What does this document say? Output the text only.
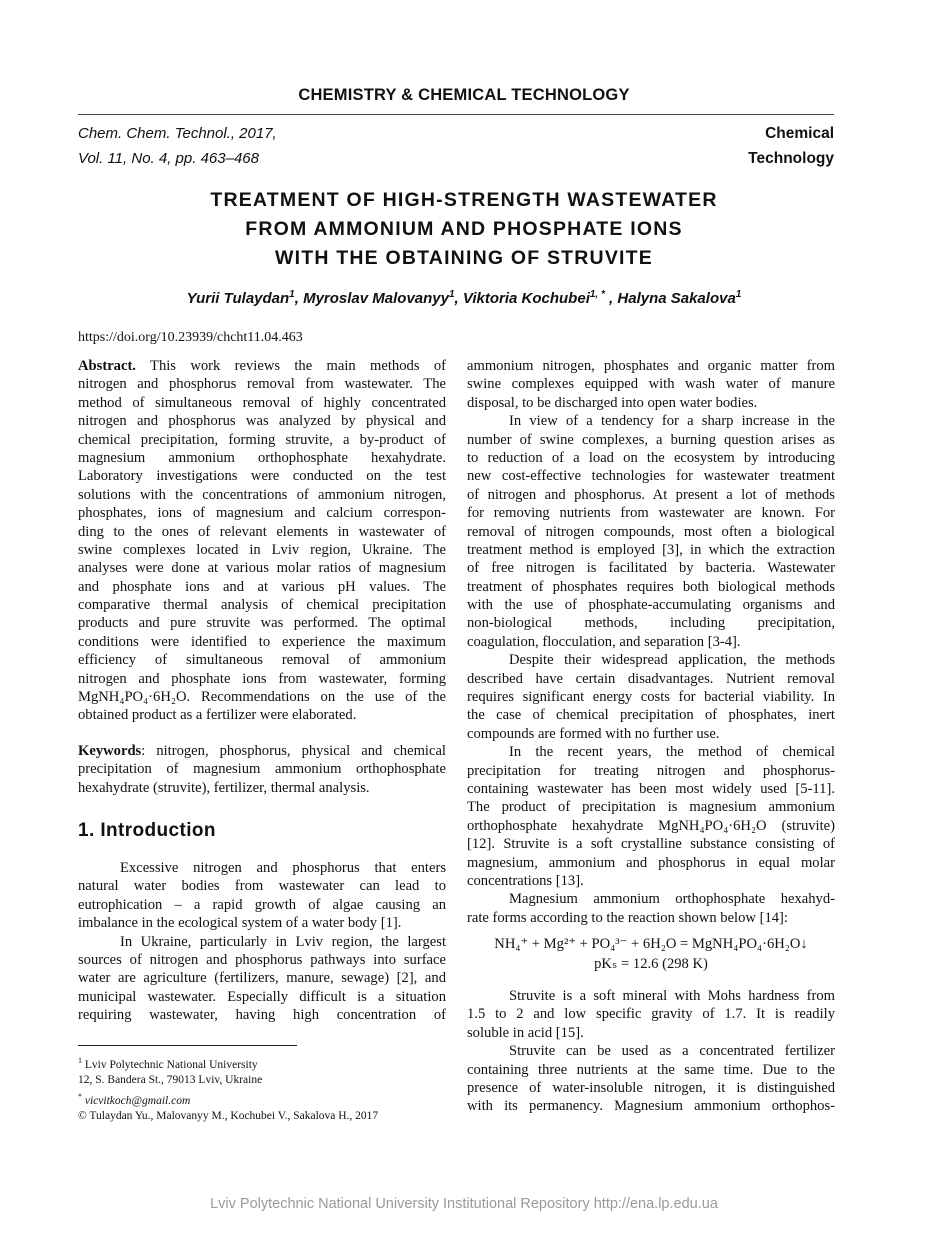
CHEMISTRY & CHEMICAL TECHNOLOGY
Chem. Chem. Technol., 2017,
Vol. 11, No. 4, pp. 463–468
Chemical
Technology
TREATMENT OF HIGH-STRENGTH WASTEWATER
FROM AMMONIUM AND PHOSPHATE IONS
WITH THE OBTAINING OF STRUVITE
Yurii Tulaydan$^1$, Myroslav Malovanyy$^1$, Viktoria Kochubei$^{1, *}$ , Halyna Sakalova$^1$
https://doi.org/10.23939/chcht11.04.463
Abstract. This work reviews the main methods of
nitrogen and phosphorus removal from wastewater. The
method of simultaneous removal of highly concentrated
nitrogen and phosphorus was analyzed by physical and
chemical precipitation, forming struvite, a by-product of
magnesium ammonium orthophosphate hexahydrate.
Laboratory investigations were conducted on the test
solutions with the concentrations of ammonium nitrogen,
phosphates, ions of magnesium and calcium correspon-
ding to the ones of relevant elements in wastewater of
swine complexes located in Lviv region, Ukraine. The
analyses were done at various molar ratios of magnesium
and phosphate ions and at various pH values. The
comparative thermal analysis of chemical precipitation
products and pure struvite was performed. The optimal
conditions were identified to experience the maximum
efficiency of simultaneous removal of ammonium
nitrogen and phosphate ions from wastewater, forming
MgNH₄PO₄·6H₂O. Recommendations on the use of the
obtained product as a fertilizer were elaborated.
Keywords: nitrogen, phosphorus, physical and chemical
precipitation of magnesium ammonium orthophosphate
hexahydrate (struvite), fertilizer, thermal analysis.
1. Introduction
Excessive nitrogen and phosphorus that enters
natural water bodies from wastewater can lead to
eutrophication – a rapid growth of algae causing an
imbalance in the ecological system of a water body [1].
In Ukraine, particularly in Lviv region, the largest
sources of nitrogen and phosphorus pathways into surface
water are agriculture (fertilizers, manure, sewage) [2], and
municipal wastewater. Especially difficult is a situation
requiring wastewater, having high concentration of
ammonium nitrogen, phosphates and organic matter from
swine complexes equipped with wash water of manure
disposal, to be discharged into open water bodies.
In view of a tendency for a sharp increase in the
number of swine complexes, a burning question arises as
to reduction of a load on the ecosystem by introducing
new cost-effective technologies for wastewater treatment
of nitrogen and phosphorus. At present a lot of methods
for removing nutrients from wastewater are known. For
removal of nitrogen compounds, most often a biological
treatment method is employed [3], in which the extraction
of free nitrogen is facilitated by bacteria. Wastewater
treatment of phosphates requires both biological methods
with the use of phosphate-accumulating organisms and
non-biological methods, including precipitation,
coagulation, flocculation, and separation [3-4].
Despite their widespread application, the methods
described have certain disadvantages. Nutrient removal
requires significant energy costs for bacterial viability. In
the case of chemical precipitation of phosphates, inert
compounds are formed with no further use.
In the recent years, the method of chemical
precipitation for treating nitrogen and phosphorus-
containing wastewater has been most widely used [5-11].
The product of precipitation is magnesium ammonium
orthophosphate hexahydrate MgNH₄PO₄·6H₂O (struvite)
[12]. Struvite is a soft crystalline substance consisting of
magnesium, ammonium and phosphorus in equal molar
concentrations [13].
Magnesium ammonium orthophosphate hexahyd-
rate forms according to the reaction shown below [14]:
NH₄⁺ + Mg²⁺ + PO₄³⁻ + 6H₂O = MgNH₄PO₄·6H₂O↓
pKₛ = 12.6 (298 K)
Struvite is a soft mineral with Mohs hardness from
1.5 to 2 and low specific gravity of 1.7. It is readily
soluble in acid [15].
Struvite can be used as a concentrated fertilizer
containing three nutrients at the same time. Due to the
presence of water-insoluble nitrogen, it is distinguished
with its permanency. Magnesium ammonium orthophos-
$^1$ Lviv Polytechnic National University
12, S. Bandera St., 79013 Lviv, Ukraine
* vicvitkoch@gmail.com
© Tulaydan Yu., Malovanyy M., Kochubei V., Sakalova H., 2017
Lviv Polytechnic National University Institutional Repository http://ena.lp.edu.ua
